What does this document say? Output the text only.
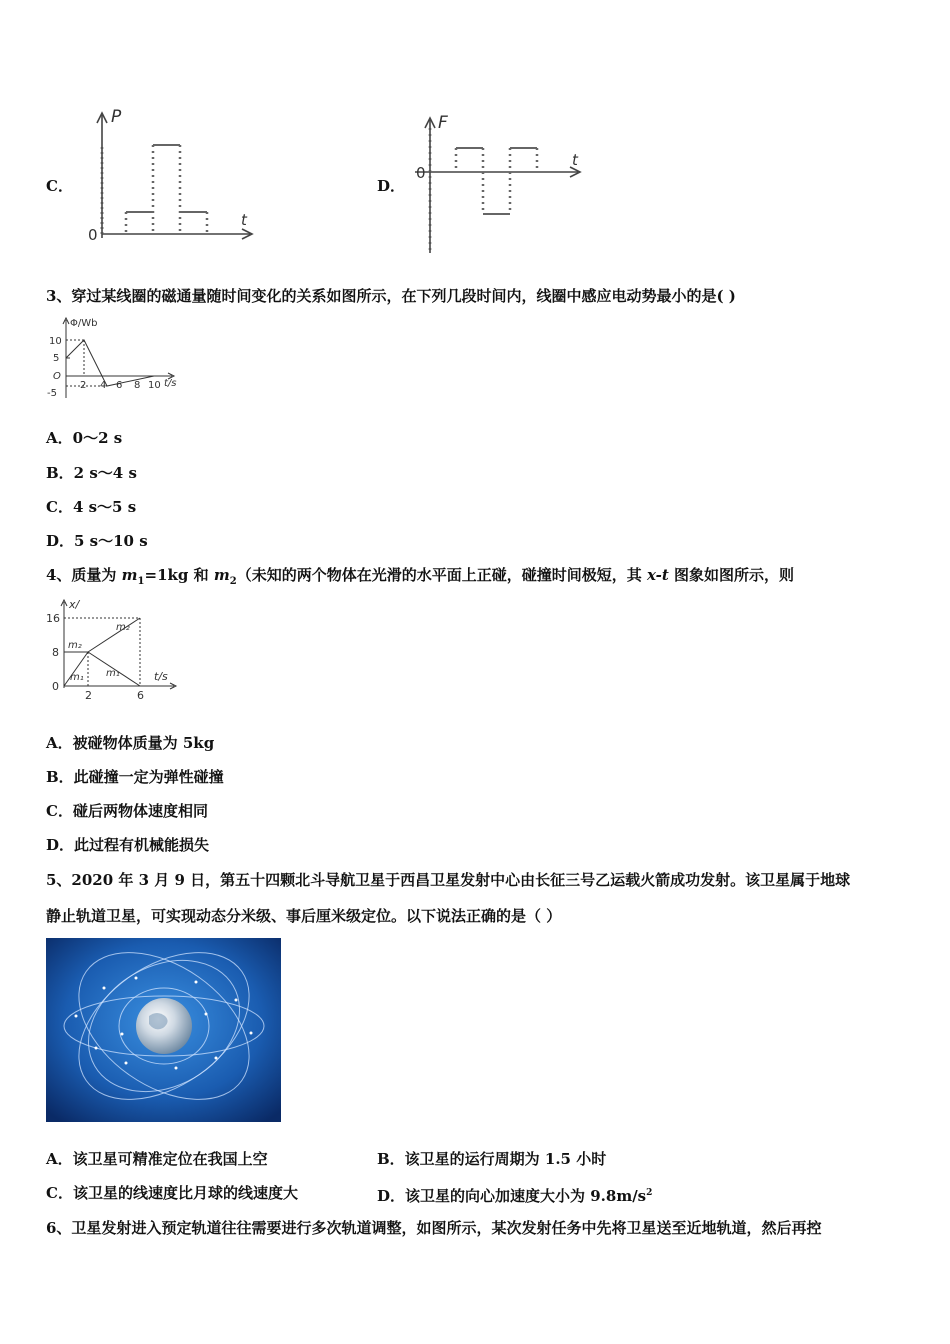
C．
P
t
0
D．
F
t
0
3、穿过某线圈的磁通量随时间变化的关系如图所示，在下列几段时间内，线圈中感应电动势最小的是( )
Φ/Wb
t/s
10
5
O
-5
2 4 6 8 10
A．0～2 s
B．2 s～4 s
C．4 s～5 s
D．5 s～10 s
4、质量为 $m_1=1kg$ 和 $m_2$（未知的两个物体在光滑的水平面上正碰，碰撞时间极短，其 x-t 图象如图所示，则
x/
t/s
16
8
0
2	6
m₂
m₂
m₁ m₁
A．被碰物体质量为 5kg
B．此碰撞一定为弹性碰撞
C．碰后两物体速度相同
D．此过程有机械能损失
5、2020 年 3 月 9 日，第五十四颗北斗导航卫星于西昌卫星发射中心由长征三号乙运载火箭成功发射。该卫星属于地球
静止轨道卫星，可实现动态分米级、事后厘米级定位。以下说法正确的是（ ）
A．该卫星可精准定位在我国上空	B．该卫星的运行周期为 1.5 小时
C．该卫星的线速度比月球的线速度大	D．该卫星的向心加速度大小为 $9.8m/s^2$
6、卫星发射进入预定轨道往往需要进行多次轨道调整，如图所示，某次发射任务中先将卫星送至近地轨道，然后再控
